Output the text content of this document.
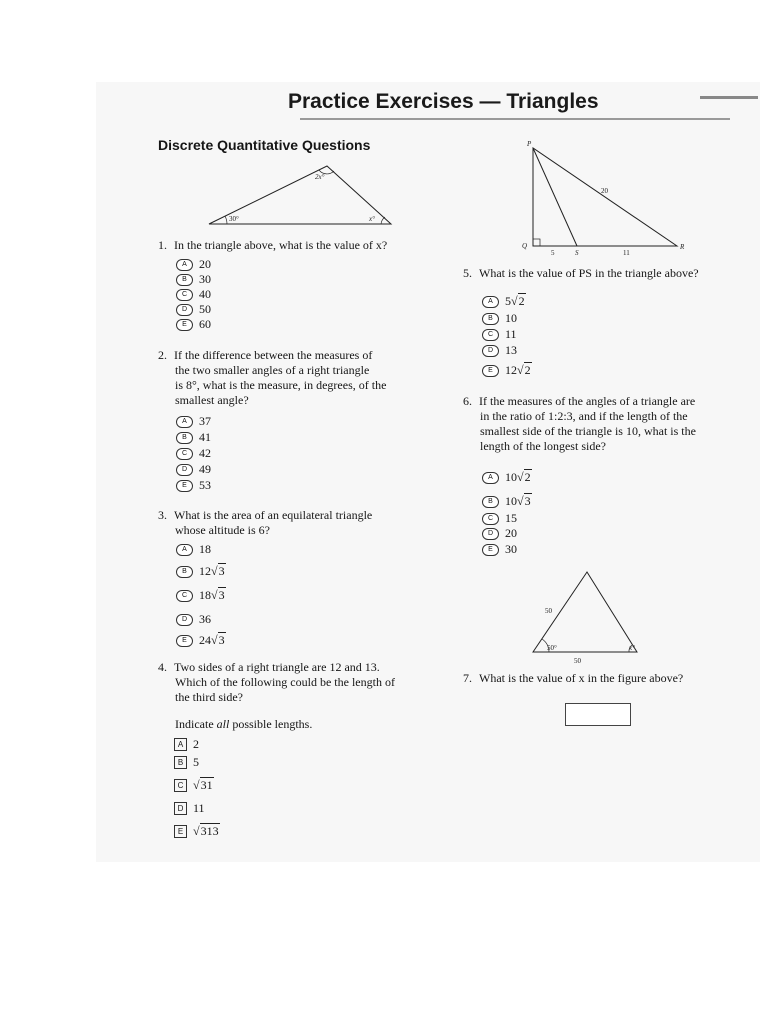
Practice Exercises — Triangles
Discrete Quantitative Questions
2x°
30°	x°
1. In the triangle above, what is the value of x?
A	20
B	30
C 40
D 50
E	60
2. If the difference between the measures of
the two smaller angles of a right triangle
is 8°, what is the measure, in degrees, of the
smallest angle?
A	37
B	41
C 42
D 49
E	53
3. What is the area of an equilateral triangle
whose altitude is 6?
A	18
B	12 √3
C 18 √3
D 36
E	24 √3
4. Two sides of a right triangle are 12 and 13.
Which of the following could be the length of
the third side?
Indicate all possible lengths.
A 2
B 5
C √31
D 11
E √313
P
Q
S
R
20
5	11
5. What is the value of PS in the triangle above?
A	5 √2
B	10
C 11
D 13
E	12 √2
6. If the measures of the angles of a triangle are
in the ratio of 1:2:3, and if the length of the
smallest side of the triangle is 10, what is the
length of the longest side?
A	10 √2
B	10 √3
C 15
D 20
E	30
50
50°	x°
50
7. What is the value of x in the figure above?
